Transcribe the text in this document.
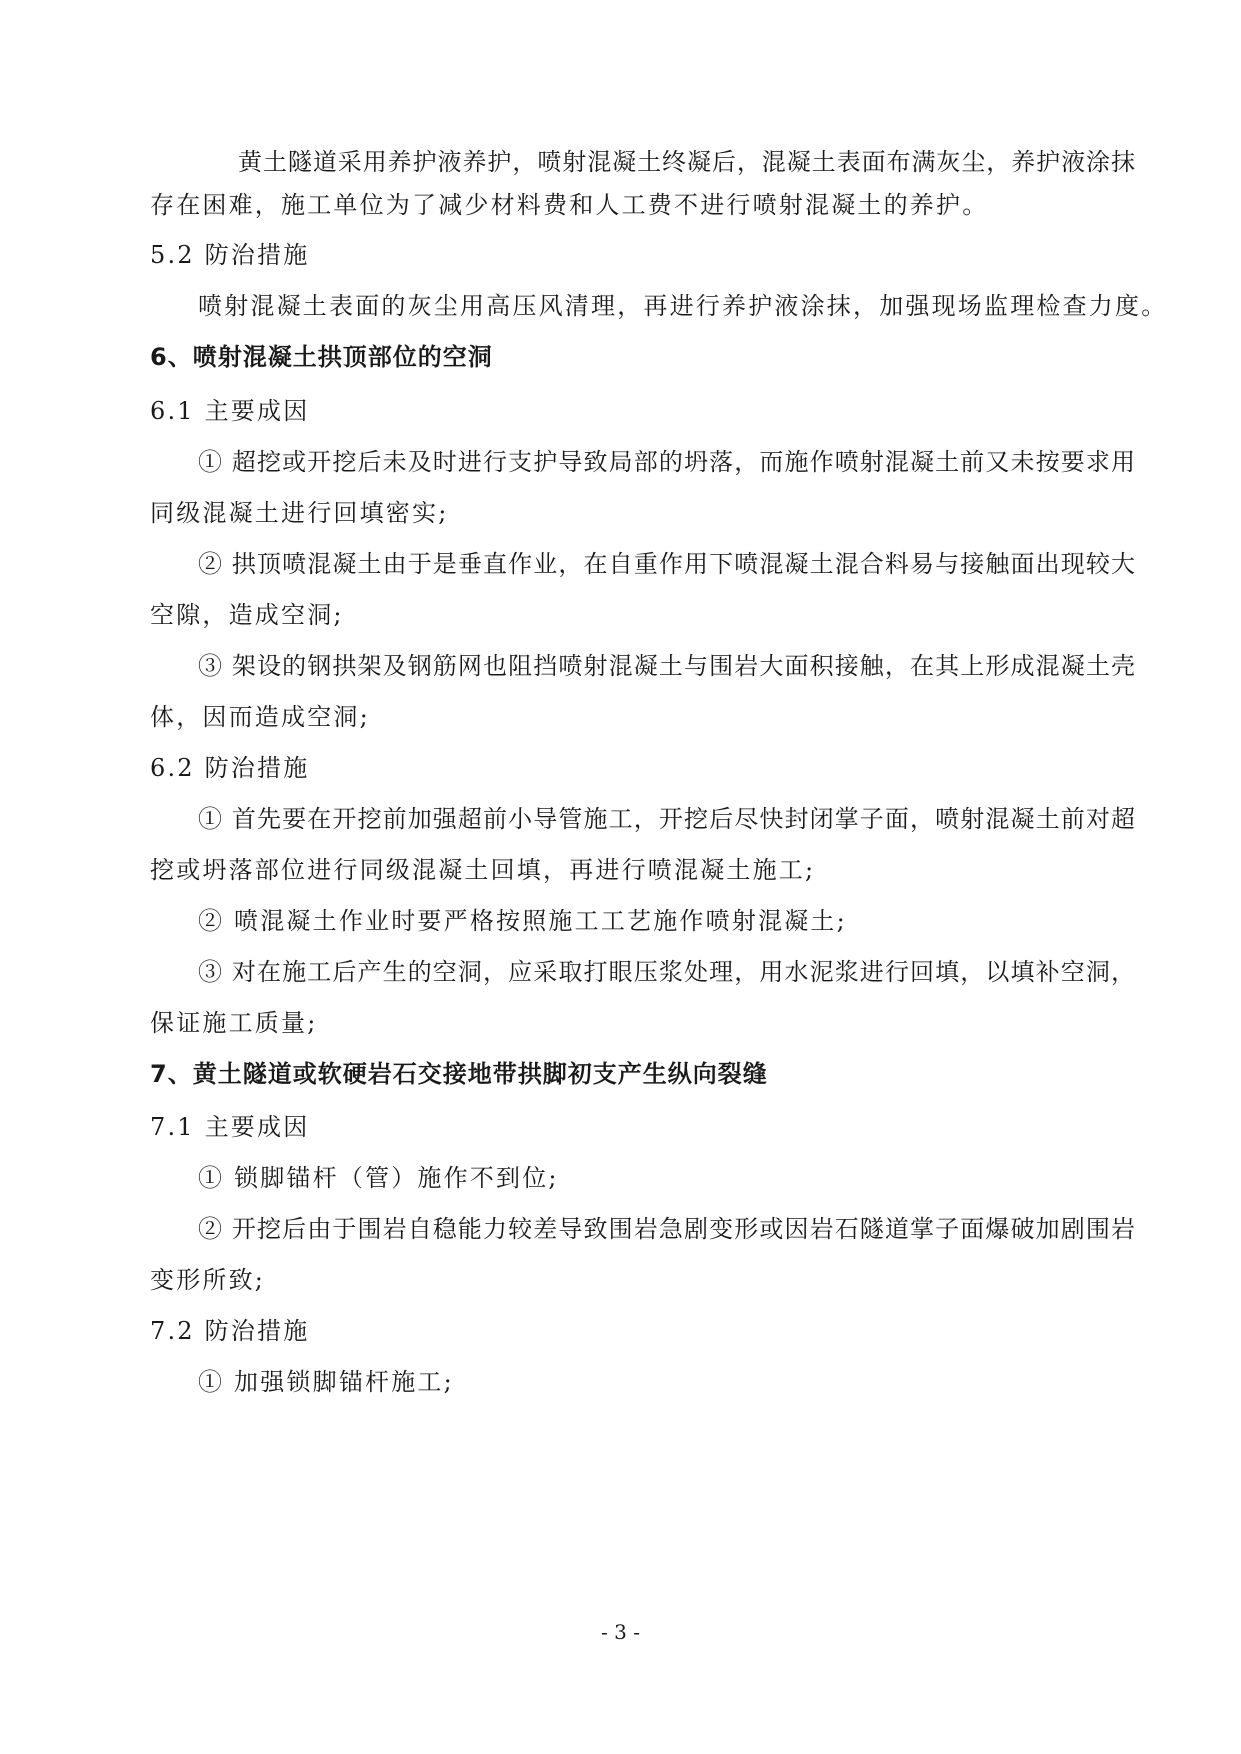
黄土隧道采用养护液养护，喷射混凝土终凝后，混凝土表面布满灰尘，养护液涂抹
存在困难，施工单位为了减少材料费和人工费不进行喷射混凝土的养护。
5.2 防治措施
喷射混凝土表面的灰尘用高压风清理，再进行养护液涂抹，加强现场监理检查力度。
6、喷射混凝土拱顶部位的空洞
6.1 主要成因
① 超挖或开挖后未及时进行支护导致局部的坍落，而施作喷射混凝土前又未按要求用
同级混凝土进行回填密实;
② 拱顶喷混凝土由于是垂直作业，在自重作用下喷混凝土混合料易与接触面出现较大
空隙，造成空洞;
③ 架设的钢拱架及钢筋网也阻挡喷射混凝土与围岩大面积接触，在其上形成混凝土壳
体，因而造成空洞;
6.2 防治措施
① 首先要在开挖前加强超前小导管施工，开挖后尽快封闭掌子面，喷射混凝土前对超
挖或坍落部位进行同级混凝土回填，再进行喷混凝土施工;
② 喷混凝土作业时要严格按照施工工艺施作喷射混凝土;
③ 对在施工后产生的空洞，应采取打眼压浆处理，用水泥浆进行回填，以填补空洞，
保证施工质量;
7、黄土隧道或软硬岩石交接地带拱脚初支产生纵向裂缝
7.1 主要成因
① 锁脚锚杆（管）施作不到位;
② 开挖后由于围岩自稳能力较差导致围岩急剧变形或因岩石隧道掌子面爆破加剧围岩
变形所致;
7.2 防治措施
① 加强锁脚锚杆施工;
- 3 -
